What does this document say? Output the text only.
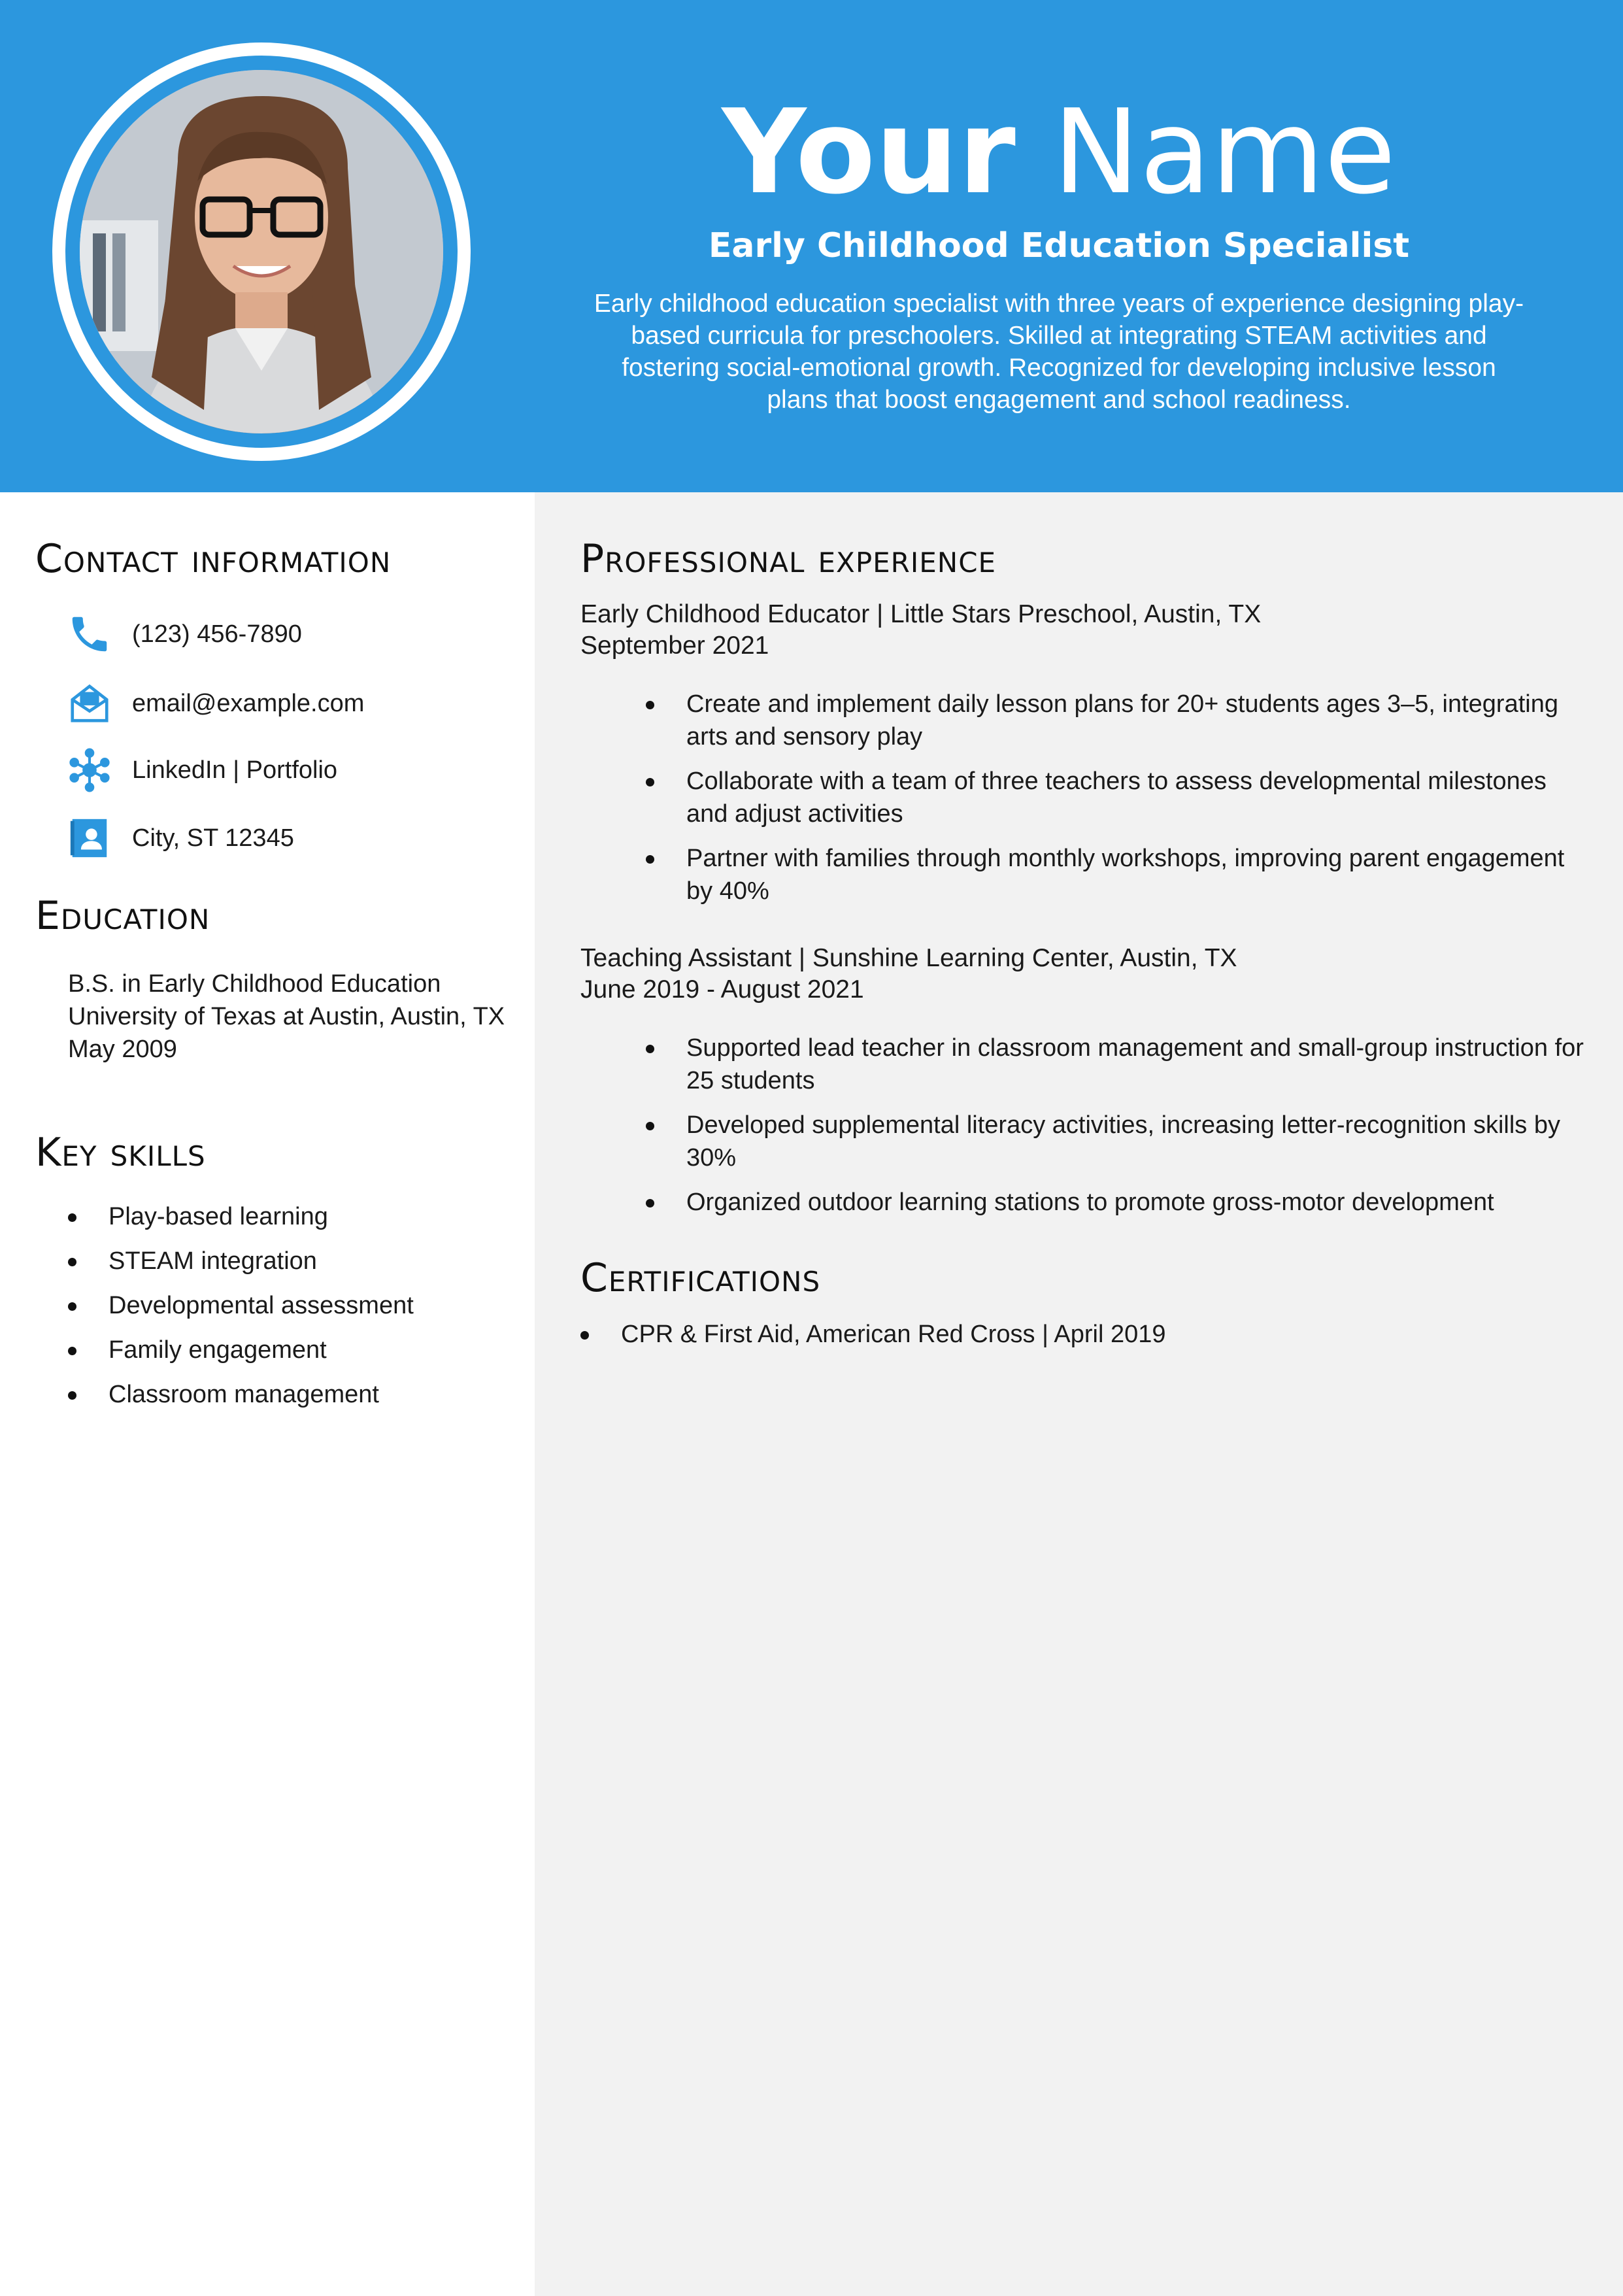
Your Name
Early Childhood Education Specialist
Early childhood education specialist with three years of experience designing play-based curricula for preschoolers. Skilled at integrating STEAM activities and fostering social-emotional growth. Recognized for developing inclusive lesson plans that boost engagement and school readiness.
Contact information
(123) 456-7890
email@example.com
LinkedIn | Portfolio
City, ST 12345
Education
B.S. in Early Childhood Education
University of Texas at Austin, Austin, TX
May 2009
Key skills
Play-based learning
STEAM integration
Developmental assessment
Family engagement
Classroom management
Professional experience
Early Childhood Educator | Little Stars Preschool, Austin, TX
September 2021
Create and implement daily lesson plans for 20+ students ages 3–5, integrating arts and sensory play
Collaborate with a team of three teachers to assess developmental milestones and adjust activities
Partner with families through monthly workshops, improving parent engagement by 40%
Teaching Assistant | Sunshine Learning Center, Austin, TX
June 2019 - August 2021
Supported lead teacher in classroom management and small-group instruction for 25 students
Developed supplemental literacy activities, increasing letter-recognition skills by 30%
Organized outdoor learning stations to promote gross-motor development
Certifications
CPR & First Aid, American Red Cross | April 2019
